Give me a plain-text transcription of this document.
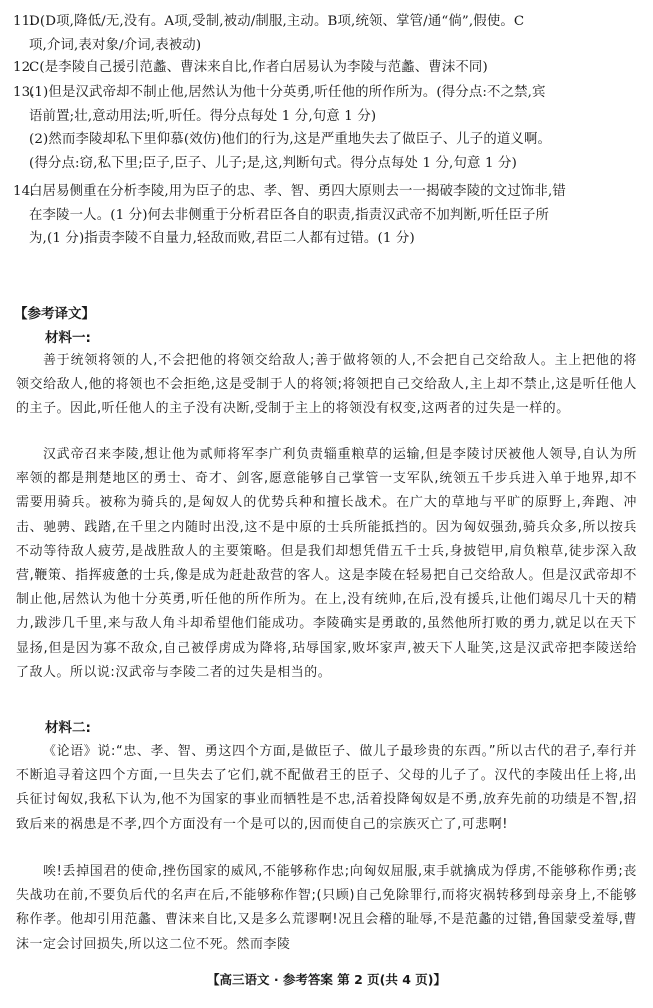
11.D(D项,降低/无,没有。A项,受制,被动/制服,主动。B项,统领、掌管/通“倘”,假使。C
项,介词,表对象/介词,表被动)
12.C(是李陵自己援引范蠡、曹沫来自比,作者白居易认为李陵与范蠡、曹沫不同)
13.(1)但是汉武帝却不制止他,居然认为他十分英勇,听任他的所作所为。(得分点:不之禁,宾
语前置;壮,意动用法;听,听任。得分点每处 1 分,句意 1 分)
(2)然而李陵却私下里仰慕(效仿)他们的行为,这是严重地失去了做臣子、儿子的道义啊。
(得分点:窃,私下里;臣子,臣子、儿子;是,这,判断句式。得分点每处 1 分,句意 1 分)
14.白居易侧重在分析李陵,用为臣子的忠、孝、智、勇四大原则去一一揭破李陵的文过饰非,错
在李陵一人。(1 分)何去非侧重于分析君臣各自的职责,指责汉武帝不加判断,听任臣子所
为,(1 分)指责李陵不自量力,轻敌而败,君臣二人都有过错。(1 分)
【参考译文】
材料一:

善于统领将领的人,不会把他的将领交给敌人;善于做将领的人,不会把自己交给敌人。主上把他的将领交给敌人,他的将领也不会拒绝,这是受制于人的将领;将领把自己交给敌人,主上却不禁止,这是听任他人的主子。因此,听任他人的主子没有决断,受制于主上的将领没有权变,这两者的过失是一样的。

汉武帝召来李陵,想让他为贰师将军李广利负责辎重粮草的运输,但是李陵讨厌被他人领导,自认为所率领的都是荆楚地区的勇士、奇才、剑客,愿意能够自己掌管一支军队,统领五千步兵进入单于地界,却不需要用骑兵。被称为骑兵的,是匈奴人的优势兵种和擅长战术。在广大的草地与平旷的原野上,奔跑、冲击、驰骋、践踏,在千里之内随时出没,这不是中原的士兵所能抵挡的。因为匈奴强劲,骑兵众多,所以按兵不动等待敌人疲劳,是战胜敌人的主要策略。但是我们却想凭借五千士兵,身披铠甲,肩负粮草,徒步深入敌营,鞭策、指挥疲惫的士兵,像是成为赶赴敌营的客人。这是李陵在轻易把自己交给敌人。但是汉武帝却不制止他,居然认为他十分英勇,听任他的所作所为。在上,没有统帅,在后,没有援兵,让他们竭尽几十天的精力,跋涉几千里,来与敌人角斗却希望他们能成功。李陵确实是勇敢的,虽然他所打败的勇力,就足以在天下显扬,但是因为寡不敌众,自己被俘虏成为降将,玷辱国家,败坏家声,被天下人耻笑,这是汉武帝把李陵送给了敌人。所以说:汉武帝与李陵二者的过失是相当的。

材料二:

《论语》说:“忠、孝、智、勇这四个方面,是做臣子、做儿子最珍贵的东西。”所以古代的君子,奉行并不断追寻着这四个方面,一旦失去了它们,就不配做君王的臣子、父母的儿子了。汉代的李陵出任上将,出兵征讨匈奴,我私下认为,他不为国家的事业而牺牲是不忠,活着投降匈奴是不勇,放弃先前的功绩是不智,招致后来的祸患是不孝,四个方面没有一个是可以的,因而使自己的宗族灭亡了,可悲啊!

唉!丢掉国君的使命,挫伤国家的威风,不能够称作忠;向匈奴屈服,束手就擒成为俘虏,不能够称作勇;丧失战功在前,不要负后代的名声在后,不能够称作智;(只顾)自己免除罪行,而将灾祸转移到母亲身上,不能够称作孝。他却引用范蠡、曹沫来自比,又是多么荒谬啊!况且会稽的耻辱,不是范蠡的过错,鲁国蒙受羞辱,曹沫一定会讨回损失,所以这二位不死。然而李陵

【高三语文 · 参考答案 第 2 页(共 4 页)】
